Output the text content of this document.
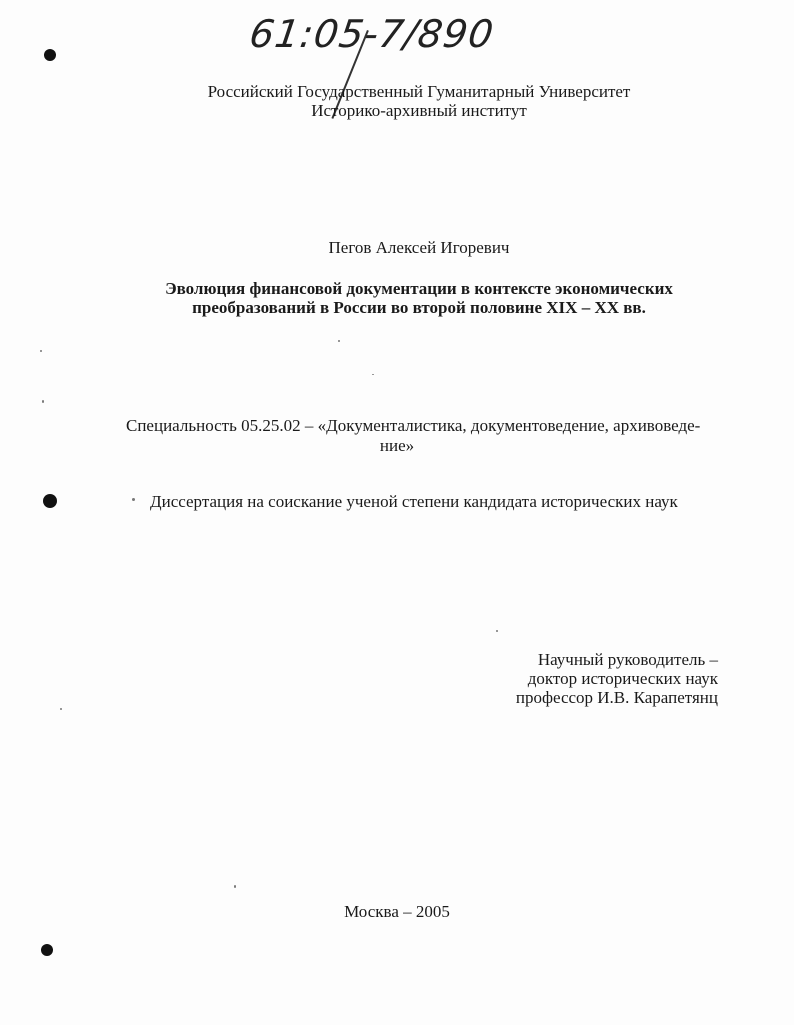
61:05-7/890
Российский Государственный Гуманитарный Университет
Историко-архивный институт
Пегов Алексей Игоревич
Эволюция финансовой документации в контексте экономических
преобразований в России во второй половине XIX – XX вв.
Специальность 05.25.02 – «Документалистика, документоведение, архивоведе-
ние»
Диссертация на соискание ученой степени кандидата исторических наук
Научный руководитель –
доктор исторических наук
профессор И.В. Карапетянц
Москва – 2005
